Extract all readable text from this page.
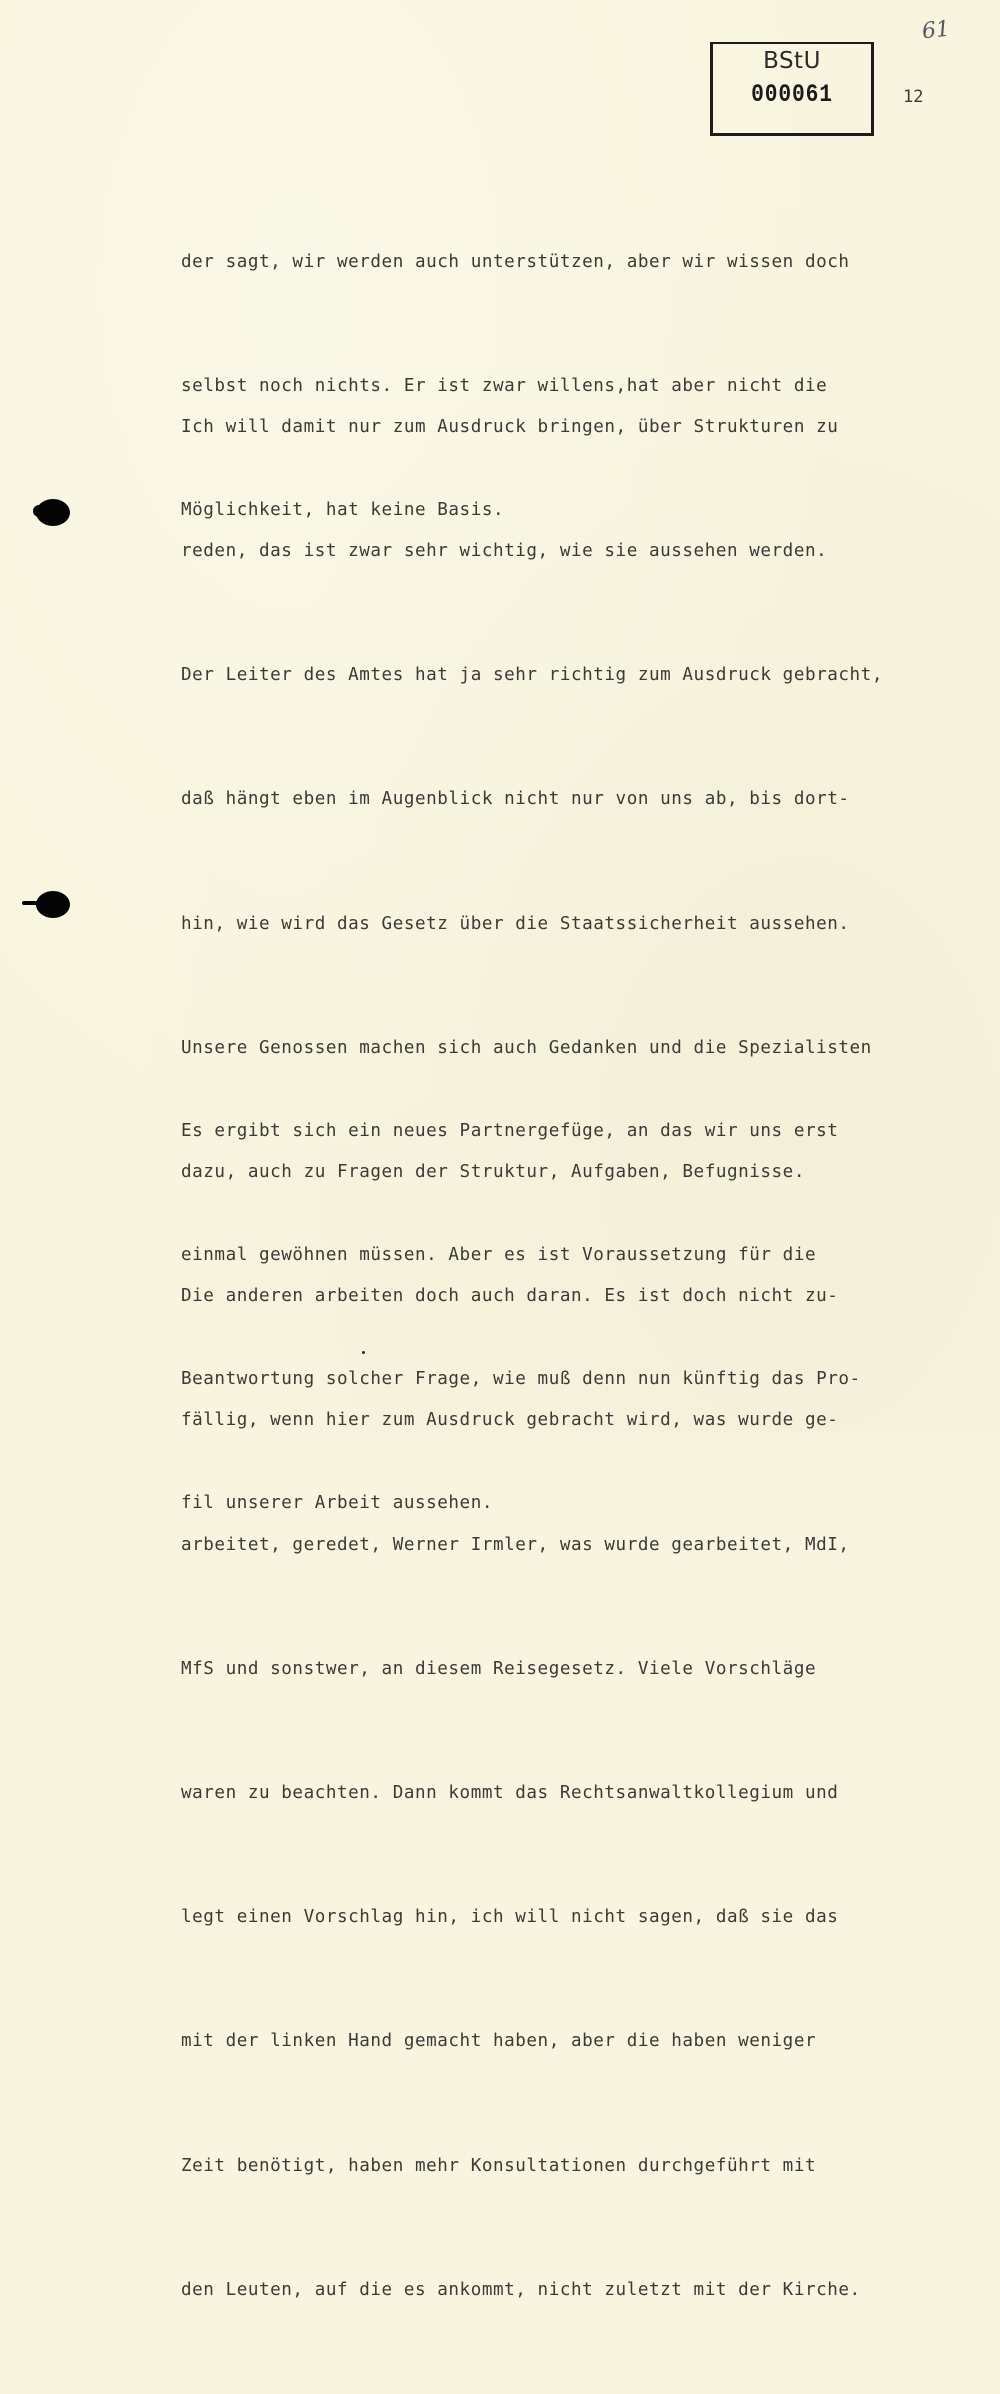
61
BStU
000061	12

der sagt, wir werden auch unterstützen, aber wir wissen doch

selbst noch nichts. Er ist zwar willens,hat aber nicht die

Möglichkeit, hat keine Basis.

Ich will damit nur zum Ausdruck bringen, über Strukturen zu

reden, das ist zwar sehr wichtig, wie sie aussehen werden.

Der Leiter des Amtes hat ja sehr richtig zum Ausdruck gebracht,

daß hängt eben im Augenblick nicht nur von uns ab, bis dort-

hin, wie wird das Gesetz über die Staatssicherheit aussehen.

Unsere Genossen machen sich auch Gedanken und die Spezialisten

dazu, auch zu Fragen der Struktur, Aufgaben, Befugnisse.

Die anderen arbeiten doch auch daran. Es ist doch nicht zu-

fällig, wenn hier zum Ausdruck gebracht wird, was wurde ge-

arbeitet, geredet, Werner Irmler, was wurde gearbeitet, MdI,

MfS und sonstwer, an diesem Reisegesetz. Viele Vorschläge

waren zu beachten. Dann kommt das Rechtsanwaltkollegium und

legt einen Vorschlag hin, ich will nicht sagen, daß sie das

mit der linken Hand gemacht haben, aber die haben weniger

Zeit benötigt, haben mehr Konsultationen durchgeführt mit

den Leuten, auf die es ankommt, nicht zuletzt mit der Kirche.

Es ergibt sich ein neues Partnergefüge, an das wir uns erst

einmal gewöhnen müssen. Aber es ist Voraussetzung für die

Beantwortung solcher Frage, wie muß denn nun künftig das Pro-

fil unserer Arbeit aussehen.
